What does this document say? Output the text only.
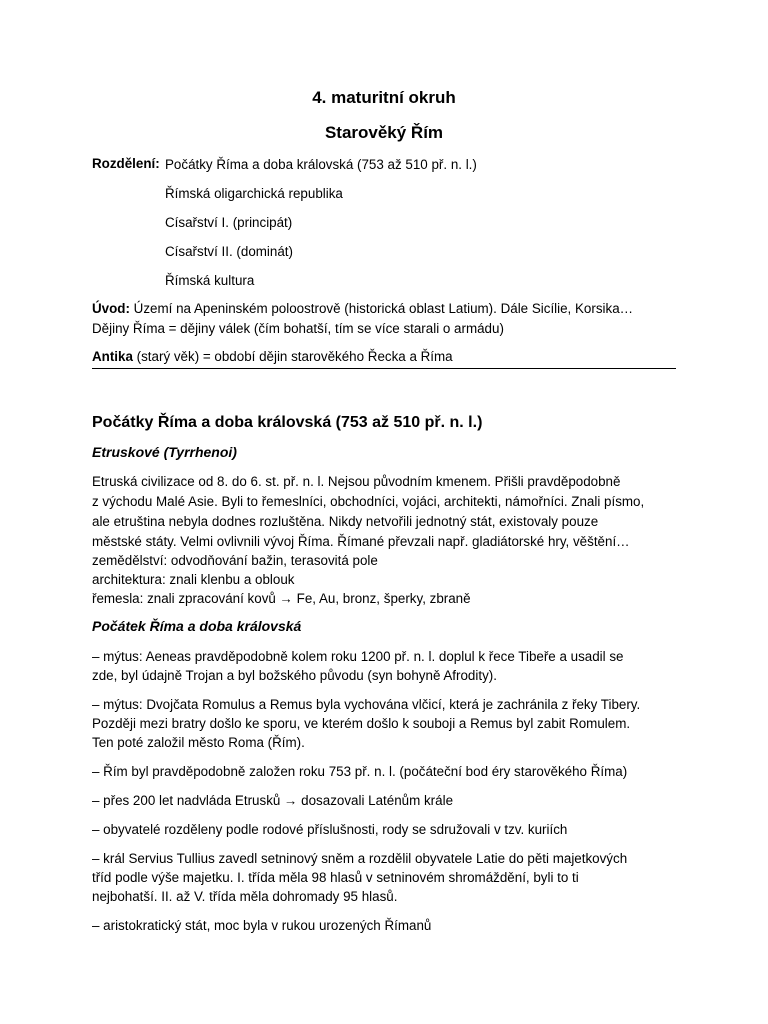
4. maturitní okruh
Starověký Řím
Rozdělení: Počátky Říma a doba královská (753 až 510 př. n. l.)
Římská oligarchická republika
Císařství I. (principát)
Císařství II. (dominát)
Římská kultura
Úvod: Území na Apeninském poloostrově (historická oblast Latium). Dále Sicílie, Korsika…
Dějiny Říma = dějiny válek (čím bohatší, tím se více starali o armádu)
Antika (starý věk) = období dějin starověkého Řecka a Říma
Počátky Říma a doba královská (753 až 510 př. n. l.)
Etruskové (Tyrrhenoi)
Etruská civilizace od 8. do 6. st. př. n. l. Nejsou původním kmenem. Přišli pravděpodobně
z východu Malé Asie. Byli to řemeslníci, obchodníci, vojáci, architekti, námořníci. Znali písmo,
ale etruština nebyla dodnes rozluštěna. Nikdy netvořili jednotný stát, existovaly pouze
městské státy. Velmi ovlivnili vývoj Říma. Římané převzali např. gladiátorské hry, věštění…
zemědělství: odvodňování bažin, terasovitá pole
architektura: znali klenbu a oblouk
řemesla: znali zpracování kovů → Fe, Au, bronz, šperky, zbraně
Počátek Říma a doba královská
– mýtus: Aeneas pravděpodobně kolem roku 1200 př. n. l. doplul k řece Tibeře a usadil se
zde, byl údajně Trojan a byl božského původu (syn bohyně Afrodity).
– mýtus: Dvojčata Romulus a Remus byla vychována vlčicí, která je zachránila z řeky Tibery.
Později mezi bratry došlo ke sporu, ve kterém došlo k souboji a Remus byl zabit Romulem.
Ten poté založil město Roma (Řím).
– Řím byl pravděpodobně založen roku 753 př. n. l. (počáteční bod éry starověkého Říma)
– přes 200 let nadvláda Etrusků → dosazovali Laténům krále
– obyvatelé rozděleny podle rodové příslušnosti, rody se sdružovali v tzv. kuriích
– král Servius Tullius zavedl setninový sněm a rozdělil obyvatele Latie do pěti majetkových
tříd podle výše majetku. I. třída měla 98 hlasů v setninovém shromáždění, byli to ti
nejbohatší. II. až V. třída měla dohromady 95 hlasů.
– aristokratický stát, moc byla v rukou urozených Římanů
